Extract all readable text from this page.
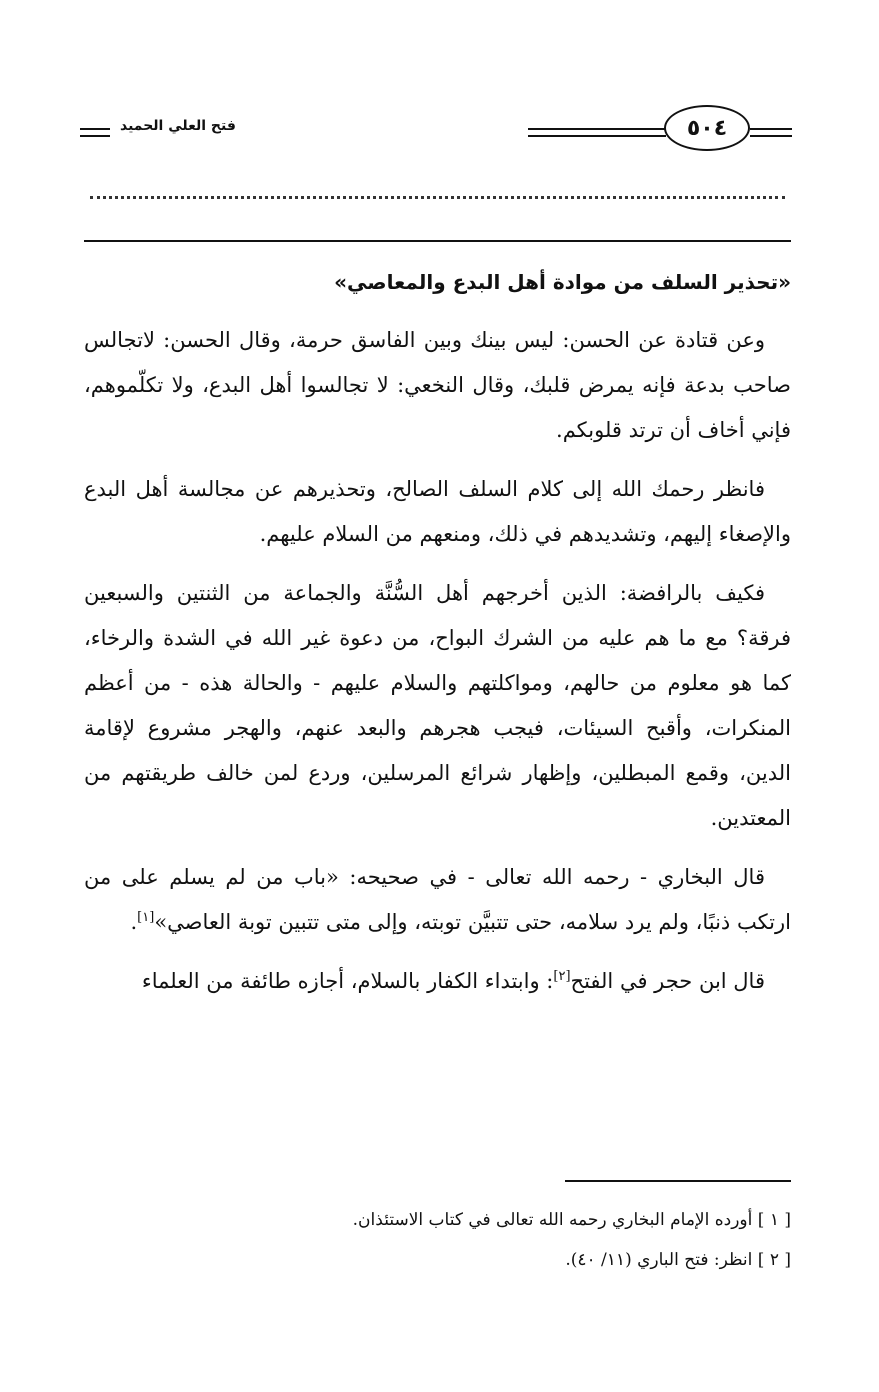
فتح العلي الحميد	٥٠٤
«تحذير السلف من موادة أهل البدع والمعاصي»

وعن قتادة عن الحسن: ليس بينك وبين الفاسق حرمة، وقال الحسن: لاتجالس صاحب بدعة فإنه يمرض قلبك، وقال النخعي: لا تجالسوا أهل البدع، ولا تكلّموهم، فإني أخاف أن ترتد قلوبكم.

فانظر رحمك الله إلى كلام السلف الصالح، وتحذيرهم عن مجالسة أهل البدع والإصغاء إليهم، وتشديدهم في ذلك، ومنعهم من السلام عليهم.

فكيف بالرافضة: الذين أخرجهم أهل السُّنَّة والجماعة من الثنتين والسبعين فرقة؟ مع ما هم عليه من الشرك البواح، من دعوة غير الله في الشدة والرخاء، كما هو معلوم من حالهم، ومواكلتهم والسلام عليهم - والحالة هذه - من أعظم المنكرات، وأقبح السيئات، فيجب هجرهم والبعد عنهم، والهجر مشروع لإقامة الدين، وقمع المبطلين، وإظهار شرائع المرسلين، وردع لمن خالف طريقتهم من المعتدين.

قال البخاري - رحمه الله تعالى - في صحيحه: «باب من لم يسلم على من ارتكب ذنبًا، ولم يرد سلامه، حتى تتبيَّن توبته، وإلى متى تتبين توبة العاصي»[١].

قال ابن حجر في الفتح[٢]: وابتداء الكفار بالسلام، أجازه طائفة من العلماء

[ ١ ] أورده الإمام البخاري رحمه الله تعالى في كتاب الاستئذان.

[ ٢ ] انظر: فتح الباري (١١/ ٤٠).
